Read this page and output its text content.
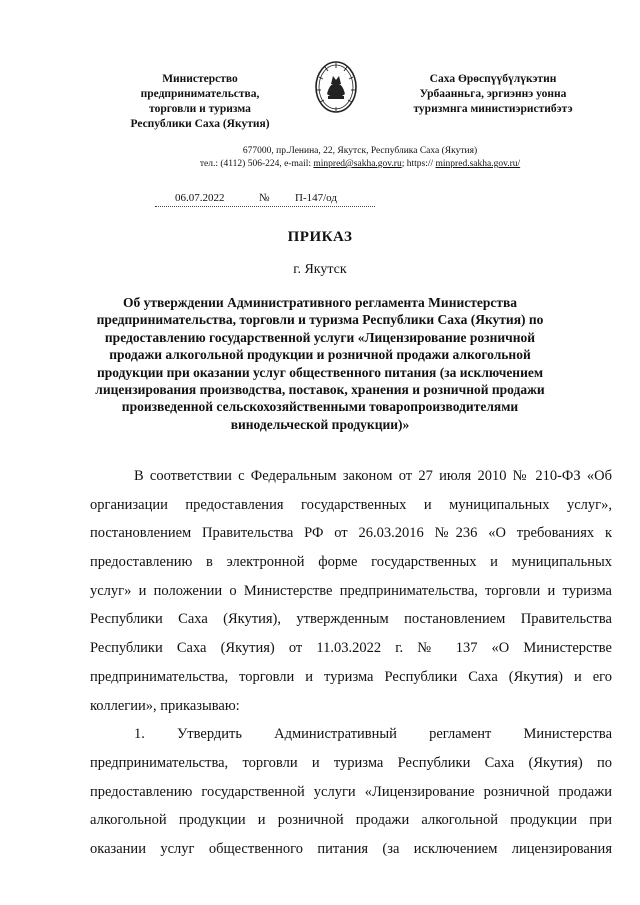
Министерство
предпринимательства,
торговли и туризма
Республики Саха (Якутия)
Саха Өрөспүүбүлүкэтин
Урбаанньга, эргиэннэ уонна
туризмнга министиэристибэтэ
677000, пр.Ленина, 22, Якутск, Республика Саха (Якутия)
тел.: (4112) 506-224, e-mail: minpred@sakha.gov.ru; https:// minpred.sakha.gov.ru/
06.07.2022	№ П-147/од
ПРИКАЗ
г. Якутск
Об утверждении Административного регламента Министерства
предпринимательства, торговли и туризма Республики Саха (Якутия) по
предоставлению государственной услуги «Лицензирование розничной
продажи алкогольной продукции и розничной продажи алкогольной
продукции при оказании услуг общественного питания (за исключением
лицензирования производства, поставок, хранения и розничной продажи
произведенной сельскохозяйственными товаропроизводителями
винодельческой продукции)»
В соответствии с Федеральным законом от 27 июля 2010 № 210-ФЗ «Об
организации предоставления государственных и муниципальных услуг»,
постановлением Правительства РФ от 26.03.2016 №236 «О требованиях к
предоставлению в электронной форме государственных и муниципальных
услуг» и положении о Министерстве предпринимательства, торговли и туризма
Республики Саха (Якутия), утвержденным постановлением Правительства
Республики Саха (Якутия) от 11.03.2022 г. № 137 «О Министерстве
предпринимательства, торговли и туризма Республики Саха (Якутия) и его
коллегии», приказываю:
1. Утвердить Административный регламент Министерства
предпринимательства, торговли и туризма Республики Саха (Якутия) по
предоставлению государственной услуги «Лицензирование розничной продажи
алкогольной продукции и розничной продажи алкогольной продукции при
оказании услуг общественного питания (за исключением лицензирования
